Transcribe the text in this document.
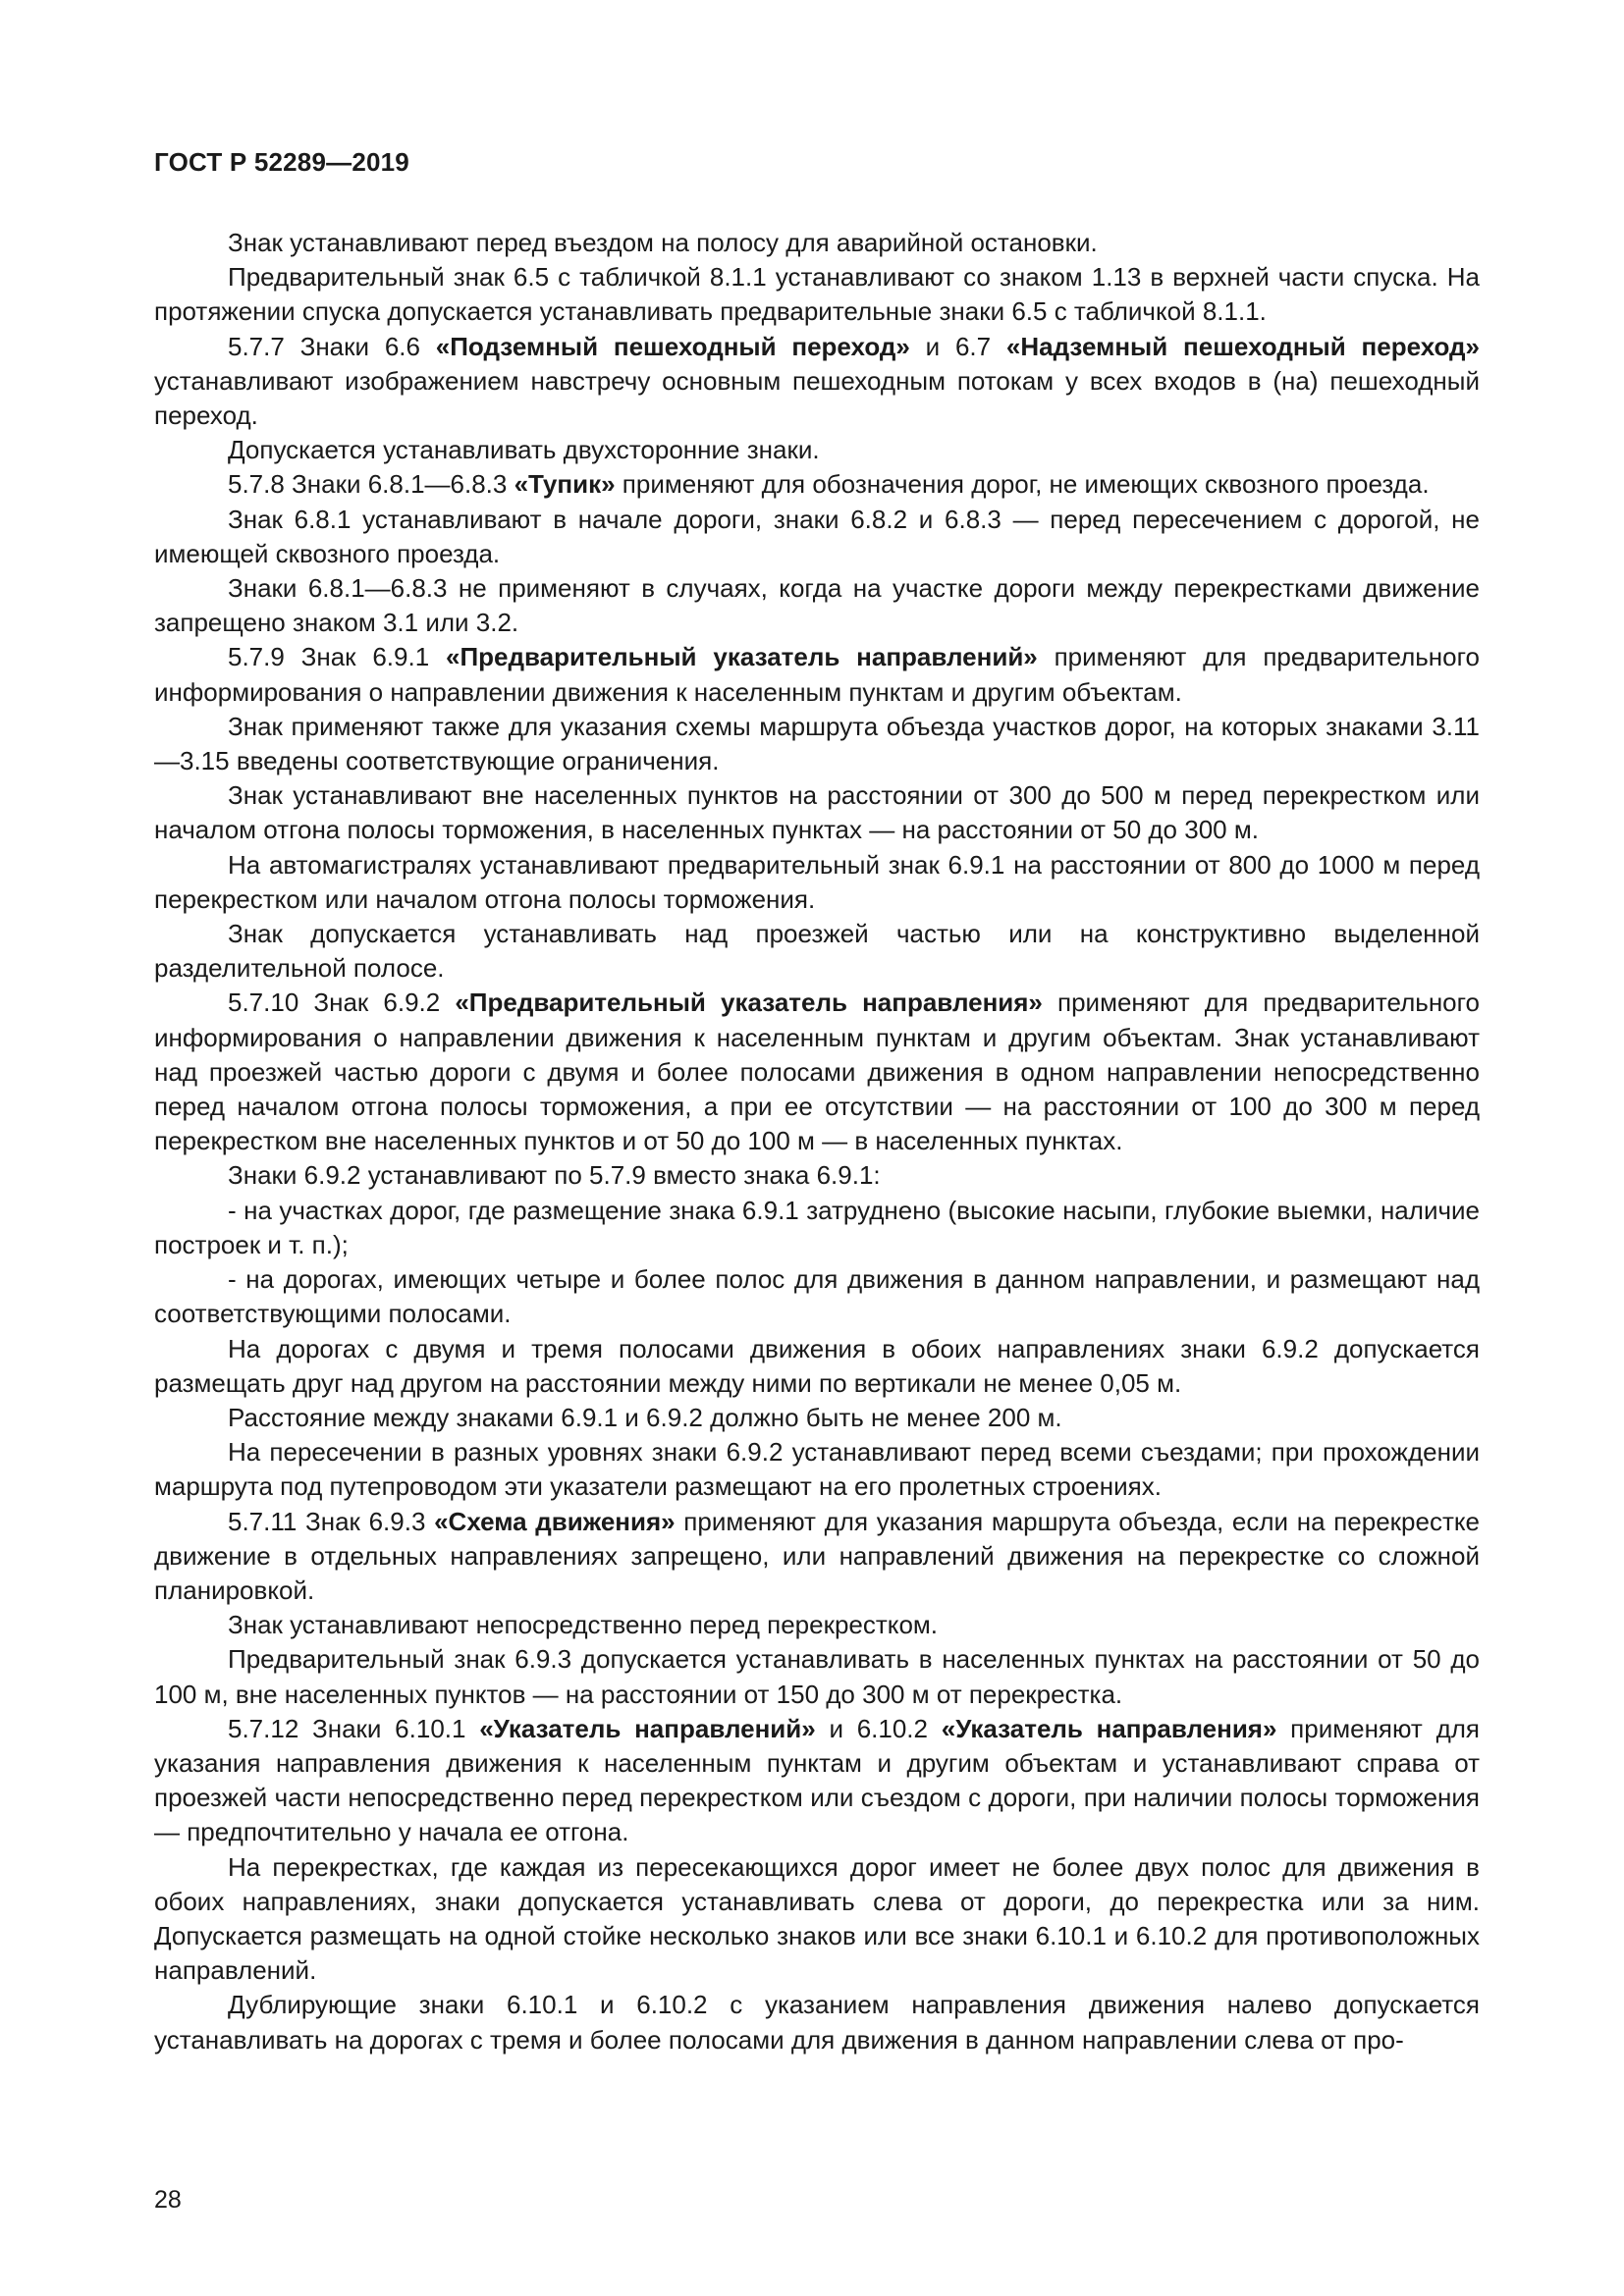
ГОСТ Р 52289—2019

Знак устанавливают перед въездом на полосу для аварийной остановки.

Предварительный знак 6.5 с табличкой 8.1.1 устанавливают со знаком 1.13 в верхней части спуска. На протяжении спуска допускается устанавливать предварительные знаки 6.5 с табличкой 8.1.1.

5.7.7 Знаки 6.6 «Подземный пешеходный переход» и 6.7 «Надземный пешеходный переход» устанавливают изображением навстречу основным пешеходным потокам у всех входов в (на) пешеходный переход.

Допускается устанавливать двухсторонние знаки.

5.7.8 Знаки 6.8.1—6.8.3 «Тупик» применяют для обозначения дорог, не имеющих сквозного проезда.

Знак 6.8.1 устанавливают в начале дороги, знаки 6.8.2 и 6.8.3 — перед пересечением с дорогой, не имеющей сквозного проезда.

Знаки 6.8.1—6.8.3 не применяют в случаях, когда на участке дороги между перекрестками движение запрещено знаком 3.1 или 3.2.

5.7.9 Знак 6.9.1 «Предварительный указатель направлений» применяют для предварительного информирования о направлении движения к населенным пунктам и другим объектам.

Знак применяют также для указания схемы маршрута объезда участков дорог, на которых знаками 3.11—3.15 введены соответствующие ограничения.

Знак устанавливают вне населенных пунктов на расстоянии от 300 до 500 м перед перекрестком или началом отгона полосы торможения, в населенных пунктах — на расстоянии от 50 до 300 м.

На автомагистралях устанавливают предварительный знак 6.9.1 на расстоянии от 800 до 1000 м перед перекрестком или началом отгона полосы торможения.

Знак допускается устанавливать над проезжей частью или на конструктивно выделенной разделительной полосе.

5.7.10 Знак 6.9.2 «Предварительный указатель направления» применяют для предварительного информирования о направлении движения к населенным пунктам и другим объектам. Знак устанавливают над проезжей частью дороги с двумя и более полосами движения в одном направлении непосредственно перед началом отгона полосы торможения, а при ее отсутствии — на расстоянии от 100 до 300 м перед перекрестком вне населенных пунктов и от 50 до 100 м — в населенных пунктах.

Знаки 6.9.2 устанавливают по 5.7.9 вместо знака 6.9.1:

- на участках дорог, где размещение знака 6.9.1 затруднено (высокие насыпи, глубокие выемки, наличие построек и т. п.);

- на дорогах, имеющих четыре и более полос для движения в данном направлении, и размещают над соответствующими полосами.

На дорогах с двумя и тремя полосами движения в обоих направлениях знаки 6.9.2 допускается размещать друг над другом на расстоянии между ними по вертикали не менее 0,05 м.

Расстояние между знаками 6.9.1 и 6.9.2 должно быть не менее 200 м.

На пересечении в разных уровнях знаки 6.9.2 устанавливают перед всеми съездами; при прохождении маршрута под путепроводом эти указатели размещают на его пролетных строениях.

5.7.11 Знак 6.9.3 «Схема движения» применяют для указания маршрута объезда, если на перекрестке движение в отдельных направлениях запрещено, или направлений движения на перекрестке со сложной планировкой.

Знак устанавливают непосредственно перед перекрестком.

Предварительный знак 6.9.3 допускается устанавливать в населенных пунктах на расстоянии от 50 до 100 м, вне населенных пунктов — на расстоянии от 150 до 300 м от перекрестка.

5.7.12 Знаки 6.10.1 «Указатель направлений» и 6.10.2 «Указатель направления» применяют для указания направления движения к населенным пунктам и другим объектам и устанавливают справа от проезжей части непосредственно перед перекрестком или съездом с дороги, при наличии полосы торможения — предпочтительно у начала ее отгона.

На перекрестках, где каждая из пересекающихся дорог имеет не более двух полос для движения в обоих направлениях, знаки допускается устанавливать слева от дороги, до перекрестка или за ним. Допускается размещать на одной стойке несколько знаков или все знаки 6.10.1 и 6.10.2 для противоположных направлений.

Дублирующие знаки 6.10.1 и 6.10.2 с указанием направления движения налево допускается устанавливать на дорогах с тремя и более полосами для движения в данном направлении слева от про-

28
